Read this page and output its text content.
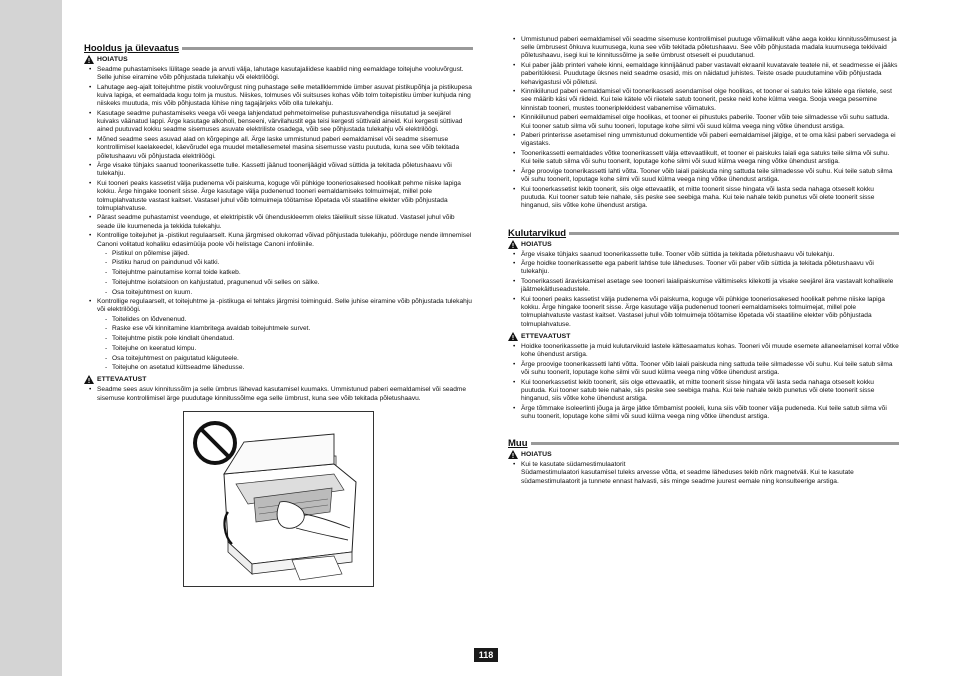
Hooldus ja ülevaatus
HOIATUS
• Seadme puhastamiseks lülitage seade ja arvuti välja, lahutage kasutajaliidese kaablid ning eemaldage toitejuhe vooluvõrgust. Selle juhise eiramine võib põhjustada tulekahju või elektrilöögi.
• Lahutage aeg-ajalt toitejuhtme pistik vooluvõrgust ning puhastage selle metallklemmide ümber asuvat pistikupõhja ja pistikupesa kuiva lapiga, et eemaldada kogu tolm ja mustus. Niiskes, tolmuses või suitsuses kohas võib tolm toitepistiku ümber kuhjuda ning niiskeks muutuda, mis võib põhjustada lühise ning tagajärjeks võib olla tulekahju.
• Kasutage seadme puhastamiseks veega või veega lahjendatud pehmetoimelise puhastusvahendiga niisutatud ja seejärel kuivaks väänatud lappi. Ärge kasutage alkoholi, benseeni, värvilahustit ega teisi kergesti süttivaid aineid. Kui kergesti süttivad ained puutuvad kokku seadme sisemuses asuvate elektriliste osadega, võib see põhjustada tulekahju või elektrilöögi.
• Mõned seadme sees asuvad alad on kõrgepinge all. Ärge laske ummistunud paberi eemaldamisel või seadme sisemuse kontrollimisel kaelakeedel, käevõrudel ega muudel metallesemetel masina sisemusse vastu puutuda, kuna see võib tekitada põletushaavu või põhjustada elektrilöögi.
• Ärge visake tühjaks saanud toonerikassette tulle. Kassetti jäänud tooneriјäägid võivad süttida ja tekitada põletushaavu või tulekahju.
• Kui tooneri peaks kassetist välja pudenema või paiskuma, koguge või pühkige tooneriosakesed hoolikalt pehme niiske lapiga kokku. Ärge hingake toonerit sisse. Ärge kasutage välja pudenenud tooneri eemaldamiseks tolmuimejat, millel pole tolmuplahvatuste vastast kaitset. Vastasel juhul võib tolmuimeja töötamise lõpetada või staatiline elekter võib põhjustada tolmuplahvatuse.
• Pärast seadme puhastamist veenduge, et elektripistik või ühenduskleemm oleks täielikult sisse lükatud. Vastasel juhul võib seade üle kuumeneda ja tekkida tulekahju.
• Kontrollige toitejuhet ja -pistikut regulaarselt. Kuna järgmised olukorrad võivad põhjustada tulekahju, pöörduge nende ilmnemisel Canoni volitatud kohaliku edasimüüja poole või helistage Canoni infoliinile.
- Pistikul on põlemise jäljed.
- Pistiku harud on paindunud või katki.
- Toitejuhtme painutamise korral toide katkeb.
- Toitejuhtme isolatsioon on kahjustatud, pragunenud või selles on sälke.
- Osa toitejuhtmest on kuum.
• Kontrollige regulaarselt, et toitejuhtme ja -pistikuga ei tehtaks järgmisi toiminguid. Selle juhise eiramine võib põhjustada tulekahju või elektrilöögi.
- Toitelides on lõdvenenud.
- Raske ese või kinnitamine klambritega avaldab toitejuhtmele survet.
- Toitejuhtme pistik pole kindlalt ühendatud.
- Toitejuhe on keeratud kimpu.
- Osa toitejuhtmest on paigutatud käiguteele.
- Toitejuhe on asetatud küttseadme lähedusse.
ETTEVAATUST
• Seadme sees asuv kinnitussõlm ja selle ümbrus lähevad kasutamisel kuumaks. Ummistunud paberi eemaldamisel või seadme sisemuse kontrollimisel ärge puudutage kinnitussõlme ega selle ümbrust, kuna see võib tekitada põletushaavu.
• Ummistunud paberi eemaldamisel või seadme sisemuse kontrollimisel puutuge võimalikult vähe aega kokku kinnitussõlmusest ja selle ümbrusest õhkuva kuumusega, kuna see võib tekitada põletushaavu. See võib põhjustada madala kuumusega tekkivaid põletushaavu, isegi kui te kinnitussõlme ja selle ümbrust otseselt ei puudutanud.
• Kui paber jääb printeri vahele kinni, eemaldage kinnijäänud paber vastavalt ekraanil kuvatavale teatele nii, et seadmesse ei jääks paberitükkesi. Puudutage üksnes neid seadme osasid, mis on näidatud juhistes. Teiste osade puudutamine võib põhjustada kehavigastusi või põletusi.
• Kinnikiilunud paberi eemaldamisel või toonerikasseti asendamisel olge hoolikas, et tooner ei satuks teie kätele ega riietele, sest see määrib käsi või riideid. Kui teie kätele või riietele satub toonerit, peske neid kohe külma veega. Sooja veega pesemine kinnistab tooneri, mustes tooneriplekkidest vabanemise võimatuks.
• Kinnikiilunud paberi eemaldamisel olge hoolikas, et tooner ei pihustuks paberile. Tooner võib teie silmadesse või suhu sattuda. Kui tooner satub silma või suhu tooneri, loputage kohe silmi või suud külma veega ning võtke ühendust arstiga.
• Paberi printerisse asetamisel ning ummistunud dokumentide või paberi eemaldamisel jälgige, et te oma käsi paberi servadega ei vigastaks.
• Toonerikassetti eemaldades võtke toonerikassett välja ettevaatlikult, et tooner ei paiskuks laiali ega satuks teile silma või suhu. Kui teile satub silma või suhu toonerit, loputage kohe silmi või suud külma veega ning võtke ühendust arstiga.
• Ärge proovige toonerikassetti lahti võtta. Tooner võib laiali paiskuda ning sattuda teile silmadesse või suhu. Kui teile satub silma või suhu toonerit, loputage kohe silmi või suud külma veega ning võtke ühendust arstiga.
• Kui toonerkassetist lekib toonerit, siis olge ettevaatlik, et mitte toonerit sisse hingata või lasta seda nahaga otseselt kokku puutuda. Kui tooner satub teie nahale, siis peske see seebiga maha. Kui teie nahale tekib punetus või olete toonerit sisse hinganud, siis võtke kohe ühendust arstiga.
Kulutarvikud
HOIATUS
• Ärge visake tühjaks saanud toonerikassette tulle. Tooner võib süttida ja tekitada põletushaavu või tulekahju.
• Ärge hoidke toonerikassette ega paberit lahtise tule läheduses. Tooner või paber võib süttida ja tekitada põletushaavu või tulekahju.
• Toonerikasseti äraviskamisel asetage see tooneri laialipaiskumise vältimiseks kilekotti ja visake seejärel ära vastavalt kohalikele jäätmekäitluseadustele.
• Kui tooneri peaks kassetist välja pudenema või paiskuma, koguge või pühkige tooneriosakesed hoolikalt pehme niiske lapiga kokku. Ärge hingake toonerit sisse. Ärge kasutage välja pudenenud tooneri eemaldamiseks tolmuimejat, millel pole tolmuplahvatuste vastast kaitset. Vastasel juhul võib tolmuimeja töötamise lõpetada või staatiline elekter võib põhjustada tolmuplahvatuse.
ETTEVAATUST
• Hoidke toonerikassette ja muid kulutarvikuid lastele kättesaamatus kohas. Tooneri või muude esemete allaneelamisel korral võtke kohe ühendust arstiga.
• Ärge proovige toonerikassetti lahti võtta. Tooner võib laiali paiskuda ning sattuda teile silmadesse või suhu. Kui teile satub silma või suhu toonerit, loputage kohe silmi või suud külma veega ning võtke ühendust arstiga.
• Kui toonerkassetist lekib toonerit, siis olge ettevaatlik, et mitte toonerit sisse hingata või lasta seda nahaga otseselt kokku puutuda. Kui tooner satub teie nahale, siis peske see seebiga maha. Kui teie nahale tekib punetus või olete toonerit sisse hinganud, siis võtke kohe ühendust arstiga.
• Ärge tõmmake isoleerlinti jõuga ja ärge jätke tõmbamist pooleli, kuna siis võib tooner välja pudeneda. Kui teile satub silma või suhu toonerit, loputage kohe silmi või suud külma veega ning võtke ühendust arstiga.
Muu
HOIATUS
• Kui te kasutate südamestimulaatorit
Südamestimulaatori kasutamisel tuleks arvesse võtta, et seadme läheduses tekib nõrk magnetväli. Kui te kasutate südamestimulaatorit ja tunnete ennast halvasti, siis minge seadme juurest eemale ning konsulteerige arstiga.
118
